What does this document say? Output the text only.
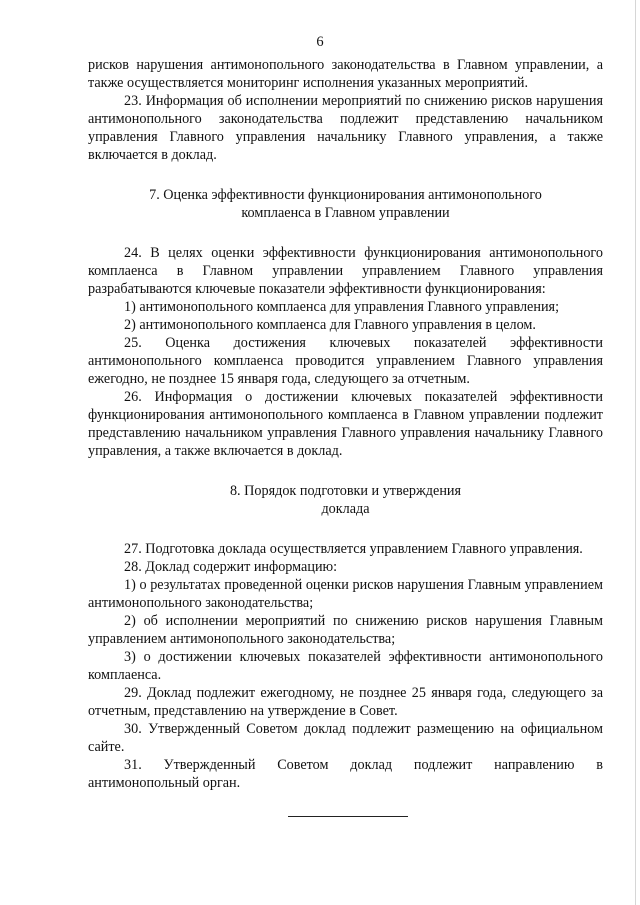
6

рисков нарушения антимонопольного законодательства в Главном управлении, а также осуществляется мониторинг исполнения указанных мероприятий.

23. Информация об исполнении мероприятий по снижению рисков нарушения антимонопольного законодательства подлежит представлению начальником управления Главного управления начальнику Главного управления, а также включается в доклад.

7. Оценка эффективности функционирования антимонопольного

комплаенса в Главном управлении

24. В целях оценки эффективности функционирования антимонопольного комплаенса в Главном управлении управлением Главного управления разрабатываются ключевые показатели эффективности функционирования:

1) антимонопольного комплаенса для управления Главного управления;

2) антимонопольного комплаенса для Главного управления в целом.

25. Оценка достижения ключевых показателей эффективности антимонопольного комплаенса проводится управлением Главного управления ежегодно, не позднее 15 января года, следующего за отчетным.

26. Информация о достижении ключевых показателей эффективности функционирования антимонопольного комплаенса в Главном управлении подлежит представлению начальником управления Главного управления начальнику Главного управления, а также включается в доклад.

8. Порядок подготовки и утверждения

доклада

27. Подготовка доклада осуществляется управлением Главного управления.

28. Доклад содержит информацию:

1) о результатах проведенной оценки рисков нарушения Главным управлением антимонопольного законодательства;

2) об исполнении мероприятий по снижению рисков нарушения Главным управлением антимонопольного законодательства;

3) о достижении ключевых показателей эффективности антимонопольного комплаенса.

29. Доклад подлежит ежегодному, не позднее 25 января года, следующего за отчетным, представлению на утверждение в Совет.

30. Утвержденный Советом доклад подлежит размещению на официальном сайте.

31. Утвержденный Советом доклад подлежит направлению в антимонопольный орган.
